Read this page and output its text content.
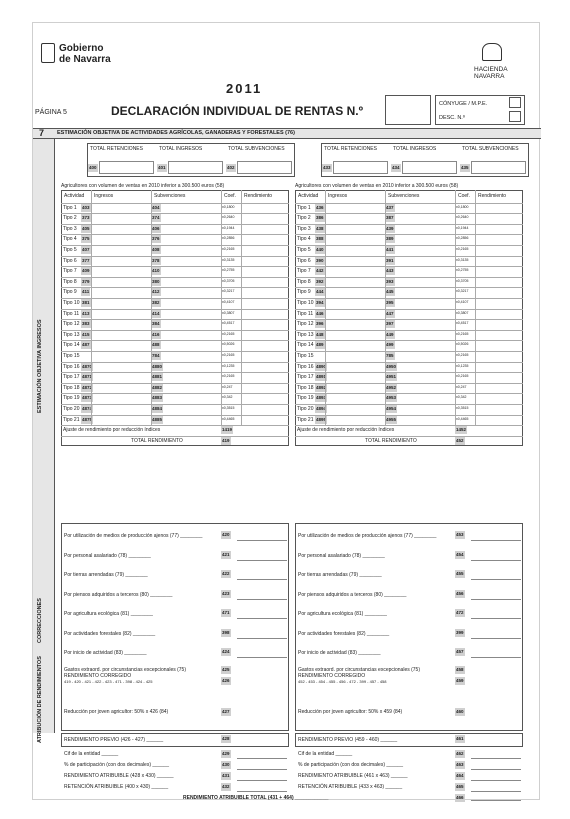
Gobierno
de Navarra
HACIENDA
NAVARRA
2011
PÁGINA 5	DECLARACIÓN INDIVIDUAL DE RENTAS N.º	CÓNYUGE / M.P.E.
DESC. N.º
7 ESTIMACIÓN OBJETIVA DE ACTIVIDADES AGRÍCOLAS, GANADERAS Y FORESTALES (76)
ESTIMACIÓN OBJETIVA INGRESOS
CORRECCIONES
ATRIBUCIÓN DE RENDIMIENTOS
TOTAL RETENCIONES
400
TOTAL INGRESOS
401
TOTAL SUBVENCIONES
402
TOTAL RETENCIONES
433
TOTAL INGRESOS
434
TOTAL SUBVENCIONES
435
Agricultores con volumen de ventas en 2010 inferior a 300.500 euros (58)	Agricultores con volumen de ventas en 2010 inferior a 300.500 euros (58)
Actividad Ingresos	Subvenciones	Coef. Rendimiento
Tipo 1 403	404	x0,1800
Tipo 2 373	374	x0,2640
Tipo 3 405	406	x0,1944
Tipo 4 375	376	x0,2856
Tipo 5 407	408	x0,2165
Tipo 6 377	378	x0,3135
Tipo 7 409	410	x0,2755
Tipo 8 379	380	x0,3705
Tipo 9 411	412	x0,3217
Tipo 10 381	382	x0,4107
Tipo 11 413	414	x0,3807
Tipo 12 383	384	x0,4517
Tipo 13 415	416	x0,2165
Tipo 14 487	488	x0,5026
Tipo 15	784	x0,2165
Tipo 16 4870	4880	x0,1235
Tipo 17 4871	4881	x0,2165
Tipo 18 4872	4882	x0,247
Tipo 19 4873	4883	x0,342
Tipo 20 4874	4884	x0,3515
Tipo 21 4875	4885	x0,4465
Ajuste de rendimiento por reducción índices	1419
TOTAL RENDIMIENTO	419
Actividad Ingresos	Subvenciones	Coef. Rendimiento
Tipo 1 436	437	x0,1800
Tipo 2 386	387	x0,2640
Tipo 3 438	439	x0,1944
Tipo 4 388	389	x0,2856
Tipo 5 440	441	x0,2165
Tipo 6 390	391	x0,3135
Tipo 7 442	443	x0,2755
Tipo 8 392	393	x0,3705
Tipo 9 444	445	x0,3217
Tipo 10 394	395	x0,4107
Tipo 11 446	447	x0,3807
Tipo 12 396	397	x0,4517
Tipo 13 448	449	x0,2165
Tipo 14 489	499	x0,5026
Tipo 15	785	x0,2165
Tipo 16 4890	4950	x0,1235
Tipo 17 4891	4951	x0,2165
Tipo 18 4892	4952	x0,247
Tipo 19 4893	4953	x0,342
Tipo 20 4894	4954	x0,3515
Tipo 21 4895	4955	x0,4465
Ajuste de rendimiento por reducción índices	1452
TOTAL RENDIMIENTO	452
Por utilización de medios de producción ajenos (77) ________	420
Por personal asalariado (78) ________	421
Por tierras arrendadas (79) ________	422
Por piensos adquiridos a terceros (80) ________	423
Por agricultura ecológica (81) ________	471
Por actividades forestales (82) ________	398
Por inicio de actividad (83) ________	424
Gastos extraord. por circunstancias excepcionales (75)	425
RENDIMIENTO CORREGIDO
419 - 420 - 421 - 422 - 423 - 471 - 398 - 424 - 425	426
Reducción por joven agricultor: 50% x 426 (84)	427
Por utilización de medios de producción ajenos (77) ________	453
Por personal asalariado (78) ________	454
Por tierras arrendadas (79) ________	455
Por piensos adquiridos a terceros (80) ________	456
Por agricultura ecológica (81) ________	472
Por actividades forestales (82) ________	399
Por inicio de actividad (83) ________	457
Gastos extraord. por circunstancias excepcionales (75)	458
RENDIMIENTO CORREGIDO
452 - 453 - 454 - 455 - 456 - 472 - 399 - 457 - 458	459
Reducción por joven agricultor: 50% x 459 (84)	460
RENDIMIENTO PREVIO (426 - 427) ______	428
Cif de la entidad ______	429
% de participación (con dos decimales) ______	430
RENDIMIENTO ATRIBUIBLE (428 x 430) ______	431
RETENCIÓN ATRIBUIBLE (400 x 430) ______	432
RENDIMIENTO PREVIO (459 - 460) ______	461
Cif de la entidad ______	462
% de participación (con dos decimales) ______	463
RENDIMIENTO ATRIBUIBLE (461 x 463) ______	464
RETENCIÓN ATRIBUIBLE (433 x 463) ______	465
RENDIMIENTO ATRIBUIBLE TOTAL (431 + 464) ____________	466
